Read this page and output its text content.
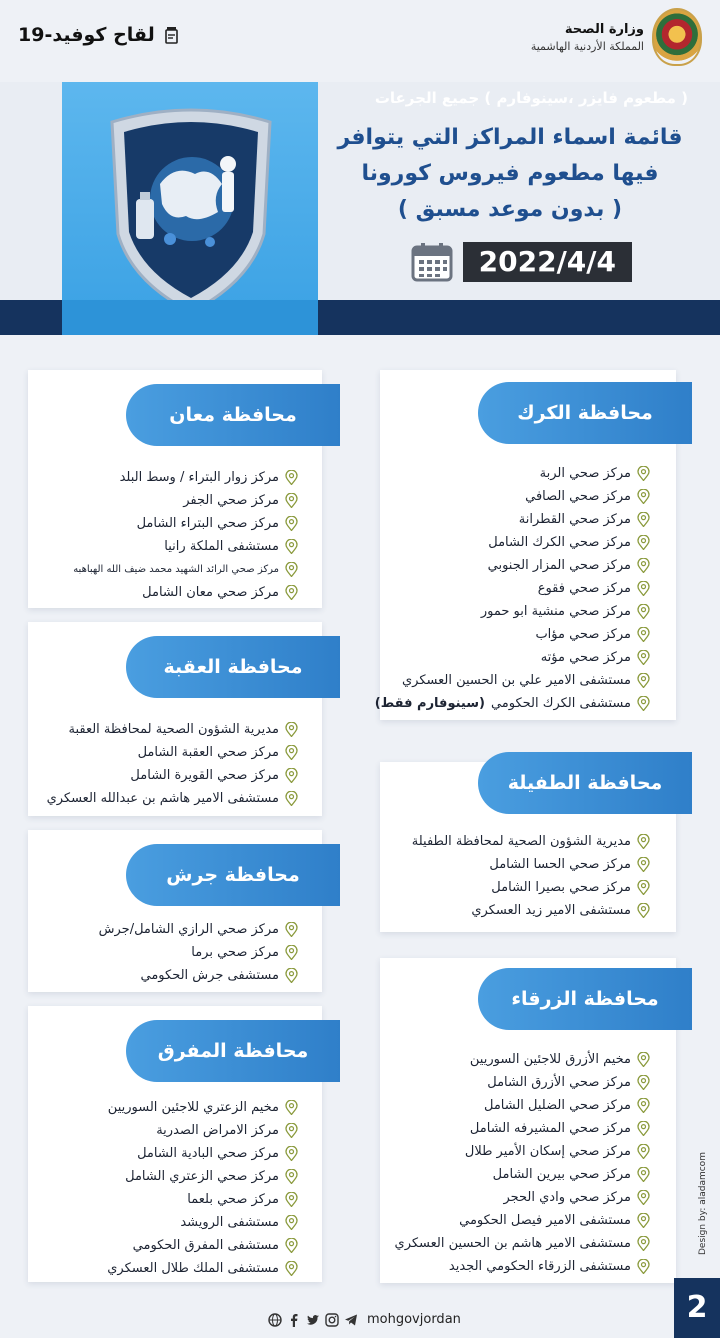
وزارة الصحة
المملكة الأردنية الهاشمية
لقاح كوفيد-19
قائمة اسماء المراكز التي يتوافر
فيها مطعوم فيروس كورونا
( بدون موعد مسبق )
2022/4/4
( مطعوم فايزر ،سينوفارم ) جميع الجرعات
محافظة الكرك
مركز صحي الربة
مركز صحي الصافي
مركز صحي القطرانة
مركز صحي الكرك الشامل
مركز صحي المزار الجنوبي
مركز صحي فقوع
مركز صحي منشية ابو حمور
مركز صحي مؤاب
مركز صحي مؤته
مستشفى الامير علي بن الحسين العسكري
مستشفى الكرك الحكومي
(سينوفارم فقط)
محافظة الطفيلة
مديرية الشؤون الصحية لمحافظة الطفيلة
مركز صحي الحسا الشامل
مركز صحي بصيرا الشامل
مستشفى الامير زيد العسكري
محافظة الزرقاء
مخيم الأزرق للاجئين السوريين
مركز صحي الأزرق الشامل
مركز صحي الضليل الشامل
مركز صحي المشيرفه الشامل
مركز صحي إسكان الأمير طلال
مركز صحي بيرين الشامل
مركز صحي وادي الحجر
مستشفى الامير فيصل الحكومي
مستشفى الامير هاشم بن الحسين العسكري
مستشفى الزرقاء الحكومي الجديد
محافظة معان
مركز زوار البتراء / وسط البلد
مركز صحي الجفر
مركز صحي البتراء الشامل
مستشفى الملكة رانيا
مركز صحي الرائد الشهيد محمد ضيف الله الهباهبه
مركز صحي معان الشامل
محافظة العقبة
مديرية الشؤون الصحية لمحافظة العقبة
مركز صحي العقبة الشامل
مركز صحي القويرة الشامل
مستشفى الامير هاشم بن عبدالله العسكري
محافظة جرش
مركز صحي الرازي الشامل/جرش
مركز صحي برما
مستشفى جرش الحكومي
محافظة المفرق
مخيم الزعتري للاجئين السوريين
مركز الامراض الصدرية
مركز صحي البادية الشامل
مركز صحي الزعتري الشامل
مركز صحي بلعما
مستشفى الرويشد
مستشفى المفرق الحكومي
مستشفى الملك طلال العسكري
Design by: aladamcom
mohgovjordan	2
